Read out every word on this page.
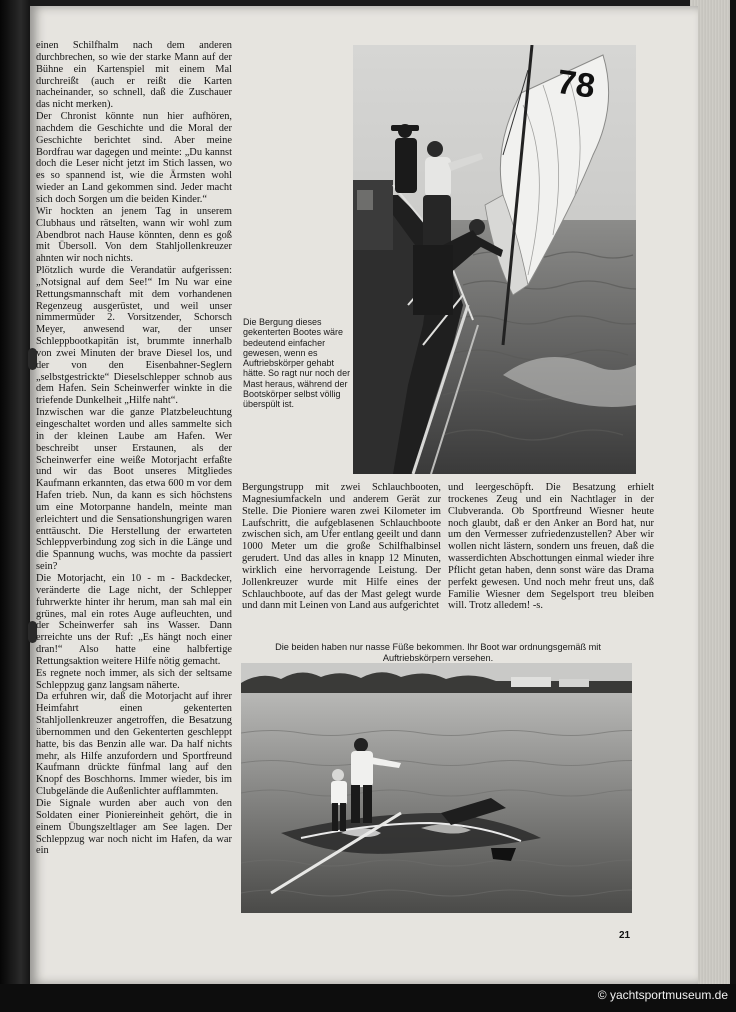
einen Schilfhalm nach dem anderen durchbrechen, so wie der starke Mann auf der Bühne ein Kartenspiel mit einem Mal durchreißt (auch er reißt die Karten nacheinander, so schnell, daß die Zuschauer das nicht merken).

Der Chronist könnte nun hier aufhören, nachdem die Geschichte und die Moral der Geschichte berichtet sind. Aber meine Bordfrau war dagegen und meinte: „Du kannst doch die Leser nicht jetzt im Stich lassen, wo es so spannend ist, wie die Ärmsten wohl wieder an Land gekommen sind. Jeder macht sich doch Sorgen um die beiden Kinder.“

Wir hockten an jenem Tag in unserem Clubhaus und rätselten, wann wir wohl zum Abendbrot nach Hause könnten, denn es goß mit Übersoll. Von dem Stahljollenkreuzer ahnten wir noch nichts.

Plötzlich wurde die Verandatür aufgerissen: „Notsignal auf dem See!“ Im Nu war eine Rettungsmannschaft mit dem vorhandenen Regenzeug ausgerüstet, und weil unser nimmermüder 2. Vorsitzender, Schorsch Meyer, anwesend war, der unser Schleppbootkapitän ist, brummte innerhalb von zwei Minuten der brave Diesel los, und der von den Eisenbahner-Seglern „selbstgestrickte“ Dieselschlepper schnob aus dem Hafen. Sein Scheinwerfer winkte in die triefende Dunkelheit „Hilfe naht“.

Inzwischen war die ganze Platzbeleuchtung eingeschaltet worden und alles sammelte sich in der kleinen Laube am Hafen. Wer beschreibt unser Erstaunen, als der Scheinwerfer eine weiße Motorjacht erfaßte und wir das Boot unseres Mitgliedes Kaufmann erkannten, das etwa 600 m vor dem Hafen trieb. Nun, da kann es sich höchstens um eine Motorpanne handeln, meinte man erleichtert und die Sensationshungrigen waren enttäuscht. Die Herstellung der erwarteten Schleppverbindung zog sich in die Länge und die Spannung wuchs, was mochte da passiert sein?

Die Motorjacht, ein 10 - m - Backdecker, veränderte die Lage nicht, der Schlepper fuhrwerkte hinter ihr herum, man sah mal ein grünes, mal ein rotes Auge aufleuchten, und der Scheinwerfer sah ins Wasser. Dann erreichte uns der Ruf: „Es hängt noch einer dran!“ Also hatte eine halbfertige Rettungsaktion weitere Hilfe nötig gemacht.

Es regnete noch immer, als sich der seltsame Schleppzug ganz langsam näherte.

Da erfuhren wir, daß die Motorjacht auf ihrer Heimfahrt einen gekenterten Stahljollenkreuzer angetroffen, die Besatzung übernommen und den Gekenterten geschleppt hatte, bis das Benzin alle war. Da half nichts mehr, als Hilfe anzufordern und Sportfreund Kaufmann drückte fünfmal lang auf den Knopf des Boschhorns. Immer wieder, bis im Clubgelände die Außenlichter aufflammten.

Die Signale wurden aber auch von den Soldaten einer Pioniereinheit gehört, die in einem Übungszeltlager am See lagen. Der Schleppzug war noch nicht im Hafen, da war ein

78
Die Bergung dieses gekenterten Bootes wäre bedeutend einfacher gewesen, wenn es Auftriebskörper gehabt hätte. So ragt nur noch der Mast heraus, während der Bootskörper selbst völlig überspült ist.

Bergungstrupp mit zwei Schlauchbooten, Magnesiumfackeln und anderem Gerät zur Stelle. Die Pioniere waren zwei Kilometer im Laufschritt, die aufgeblasenen Schlauchboote zwischen sich, am Ufer entlang geeilt und dann 1000 Meter um die große Schilfhalbinsel gerudert. Und das alles in knapp 12 Minuten, wirklich eine hervorragende Leistung. Der Jollenkreuzer wurde mit Hilfe eines der Schlauchboote, auf das der Mast gelegt wurde und dann mit Leinen von Land aus aufgerichtet

und leergeschöpft. Die Besatzung erhielt trockenes Zeug und ein Nachtlager in der Clubveranda. Ob Sportfreund Wiesner heute noch glaubt, daß er den Anker an Bord hat, nur um den Vermesser zufriedenzustellen? Aber wir wollen nicht lästern, sondern uns freuen, daß die wasserdichten Abschottungen einmal wieder ihre Pflicht getan haben, denn sonst wäre das Drama perfekt gewesen. Und noch mehr freut uns, daß Familie Wiesner dem Segelsport treu bleiben will. Trotz alledem! -s.

Die beiden haben nur nasse Füße bekommen. Ihr Boot war ordnungsgemäß mit Auftriebskörpern versehen.
21
© yachtsportmuseum.de
